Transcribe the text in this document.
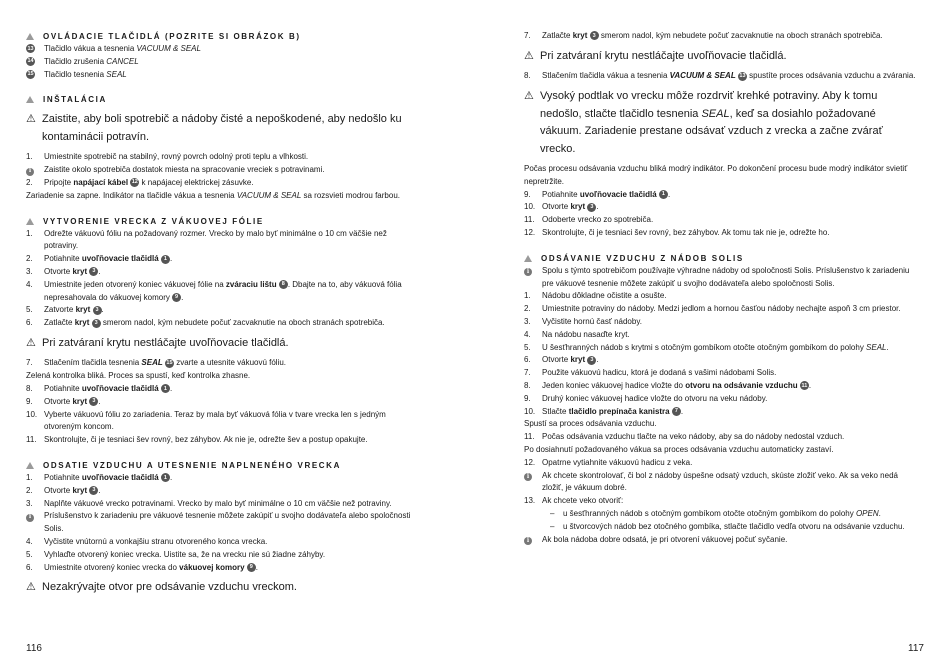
OVLÁDACIE TLAČIDLÁ (POZRITE SI OBRÁZOK B)
13	Tlačidlo vákua a tesnenia VACUUM & SEAL
14	Tlačidlo zrušenia CANCEL
15	Tlačidlo tesnenia SEAL
INŠTALÁCIA
⚠ Zaistite, aby boli spotrebič a nádoby čisté a nepoškodené, aby nedošlo ku kontaminácii potravín.
1.	Umiestnite spotrebič na stabilný, rovný povrch odolný proti teplu a vlhkosti.
i	Zaistite okolo spotrebiča dostatok miesta na spracovanie vreciek s potravinami.
2.	Pripojte napájací kábel 12 k napájacej elektrickej zásuvke.
Zariadenie sa zapne. Indikátor na tlačidle vákua a tesnenia VACUUM & SEAL sa rozsvieti modrou farbou.
VYTVORENIE VRECKA Z VÁKUOVEJ FÓLIE
1.	Odrežte vákuovú fóliu na požadovaný rozmer. Vrecko by malo byť minimálne o 10 cm väčšie než potraviny.
2.	Potiahnite uvoľňovacie tlačidlá 1 .
3.	Otvorte kryt 3 .
4.	Umiestnite jeden otvorený koniec vákuovej fólie na zváraciu lištu 8 . Dbajte na to, aby vákuová fólia nepresahovala do vákuovej komory 9 .
5.	Zatvorte kryt 3 .
6.	Zatlačte kryt 3 smerom nadol, kým nebudete počuť zacvaknutie na oboch stranách spotrebiča.
⚠ Pri zatváraní krytu nestláčajte uvoľňovacie tlačidlá.
7.	Stlačením tlačidla tesnenia SEAL 15 zvarte a utesnite vákuovú fóliu.
Zelená kontrolka bliká. Proces sa spustí, keď kontrolka zhasne.
8.	Potiahnite uvoľňovacie tlačidlá 1 .
9.	Otvorte kryt 3 .
10. Vyberte vákuovú fóliu zo zariadenia. Teraz by mala byť vákuová fólia v tvare vrecka len s jedným otvoreným koncom.
11. Skontrolujte, či je tesniaci šev rovný, bez záhybov. Ak nie je, odrežte šev a postup opakujte.
ODSATIE VZDUCHU A UTESNENIE NAPLNENÉHO VRECKA
1.	Potiahnite uvoľňovacie tlačidlá 1 .
2.	Otvorte kryt 3 .
3.	Naplňte vákuové vrecko potravinami. Vrecko by malo byť minimálne o 10 cm väčšie než potraviny.
i	Príslušenstvo k zariadeniu pre vákuové tesnenie môžete zakúpiť u svojho dodávateľa alebo spoločnosti Solis.
4.	Vyčistite vnútornú a vonkajšiu stranu otvoreného konca vrecka.
5.	Vyhlaďte otvorený koniec vrecka. Uistite sa, že na vrecku nie sú žiadne záhyby.
6.	Umiestnite otvorený koniec vrecka do vákuovej komory 9 .
⚠ Nezakrývajte otvor pre odsávanie vzduchu vreckom.
116
7.	Zatlačte kryt 3 smerom nadol, kým nebudete počuť zacvaknutie na oboch stranách spotrebiča.
⚠ Pri zatváraní krytu nestláčajte uvoľňovacie tlačidlá.
8.	Stlačením tlačidla vákua a tesnenia VACUUM & SEAL 13 spustíte proces odsávania vzduchu a zvárania.
⚠ Vysoký podtlak vo vrecku môže rozdrviť krehké potraviny. Aby k tomu nedošlo, stlačte tlačidlo tesnenia SEAL, keď sa dosiahlo požadované vákuum. Zariadenie prestane odsávať vzduch z vrecka a začne zvárať vrecko.
Počas procesu odsávania vzduchu bliká modrý indikátor. Po dokončení procesu bude modrý indikátor svietiť nepretržite.
9.	Potiahnite uvoľňovacie tlačidlá 1 .
10. Otvorte kryt 3 .
11. Odoberte vrecko zo spotrebiča.
12. Skontrolujte, či je tesniaci šev rovný, bez záhybov. Ak tomu tak nie je, odrežte ho.
ODSÁVANIE VZDUCHU Z NÁDOB SOLIS
i	Spolu s týmto spotrebičom používajte výhradne nádoby od spoločnosti Solis. Príslušenstvo k zariadeniu pre vákuové tesnenie môžete zakúpiť u svojho dodávateľa alebo spoločnosti Solis.
1.	Nádobu dôkladne očistite a osušte.
2.	Umiestnite potraviny do nádoby. Medzi jedlom a hornou časťou nádoby nechajte aspoň 3 cm priestor.
3.	Vyčistite hornú časť nádoby.
4.	Na nádobu nasaďte kryt.
5.	U šesťhranných nádob s krytmi s otočným gombíkom otočte otočným gombíkom do polohy SEAL.
6.	Otvorte kryt 3 .
7.	Použite vákuovú hadicu, ktorá je dodaná s vašimi nádobami Solis.
8.	Jeden koniec vákuovej hadice vložte do otvoru na odsávanie vzduchu 11 .
9.	Druhý koniec vákuovej hadice vložte do otvoru na veku nádoby.
10. Stlačte tlačidlo prepínača kanistra 7 .
Spustí sa proces odsávania vzduchu.
11. Počas odsávania vzduchu tlačte na veko nádoby, aby sa do nádoby nedostal vzduch.
Po dosiahnutí požadovaného vákua sa proces odsávania vzduchu automaticky zastaví.
12. Opatrne vytiahnite vákuovú hadicu z veka.
i	Ak chcete skontrolovať, či bol z nádoby úspešne odsatý vzduch, skúste zložiť veko. Ak sa veko nedá zložiť, je vákuum dobré.
13. Ak chcete veko otvoriť:
–	u šesťhranných nádob s otočným gombíkom otočte otočným gombíkom do polohy OPEN.
–	u štvorcových nádob bez otočného gombíka, stlačte tlačidlo vedľa otvoru na odsávanie vzduchu.
i	Ak bola nádoba dobre odsatá, je pri otvorení vákuovej počuť syčanie.
117
